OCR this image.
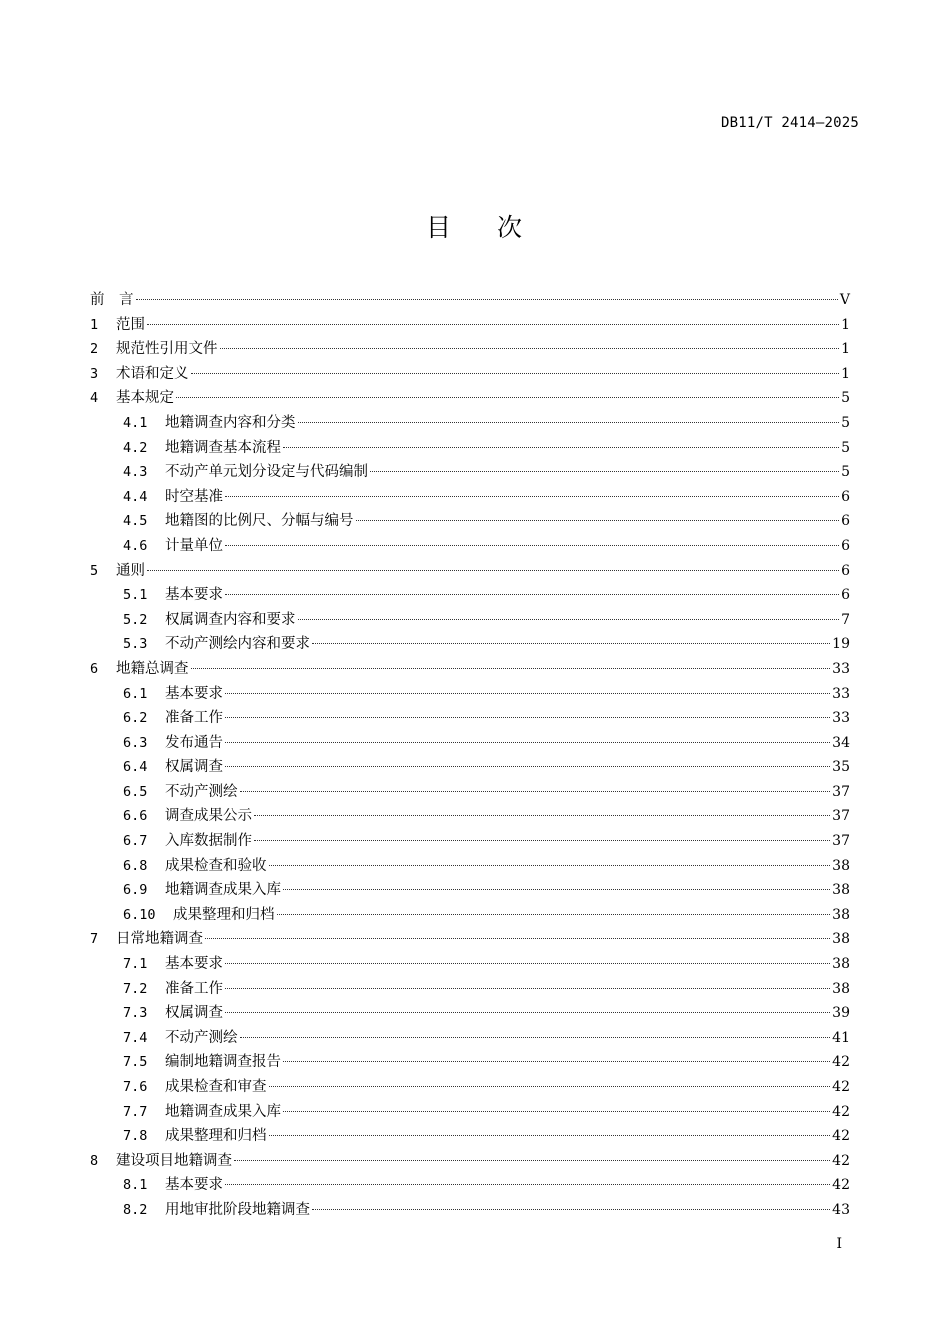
DB11/T 2414—2025
目 次
前　言	V
1	范围	1
2	规范性引用文件	1
3	术语和定义	1
4	基本规定	5
4.1	地籍调查内容和分类	5
4.2	地籍调查基本流程	5
4.3	不动产单元划分设定与代码编制	5
4.4	时空基准	6
4.5	地籍图的比例尺、分幅与编号	6
4.6	计量单位	6
5	通则	6
5.1	基本要求	6
5.2	权属调查内容和要求	7
5.3	不动产测绘内容和要求	19
6	地籍总调查	33
6.1	基本要求	33
6.2	准备工作	33
6.3	发布通告	34
6.4	权属调查	35
6.5	不动产测绘	37
6.6	调查成果公示	37
6.7	入库数据制作	37
6.8	成果检查和验收	38
6.9	地籍调查成果入库	38
6.10	成果整理和归档	38
7	日常地籍调查	38
7.1	基本要求	38
7.2	准备工作	38
7.3	权属调查	39
7.4	不动产测绘	41
7.5	编制地籍调查报告	42
7.6	成果检查和审查	42
7.7	地籍调查成果入库	42
7.8	成果整理和归档	42
8	建设项目地籍调查	42
8.1	基本要求	42
8.2	用地审批阶段地籍调查	43
I
